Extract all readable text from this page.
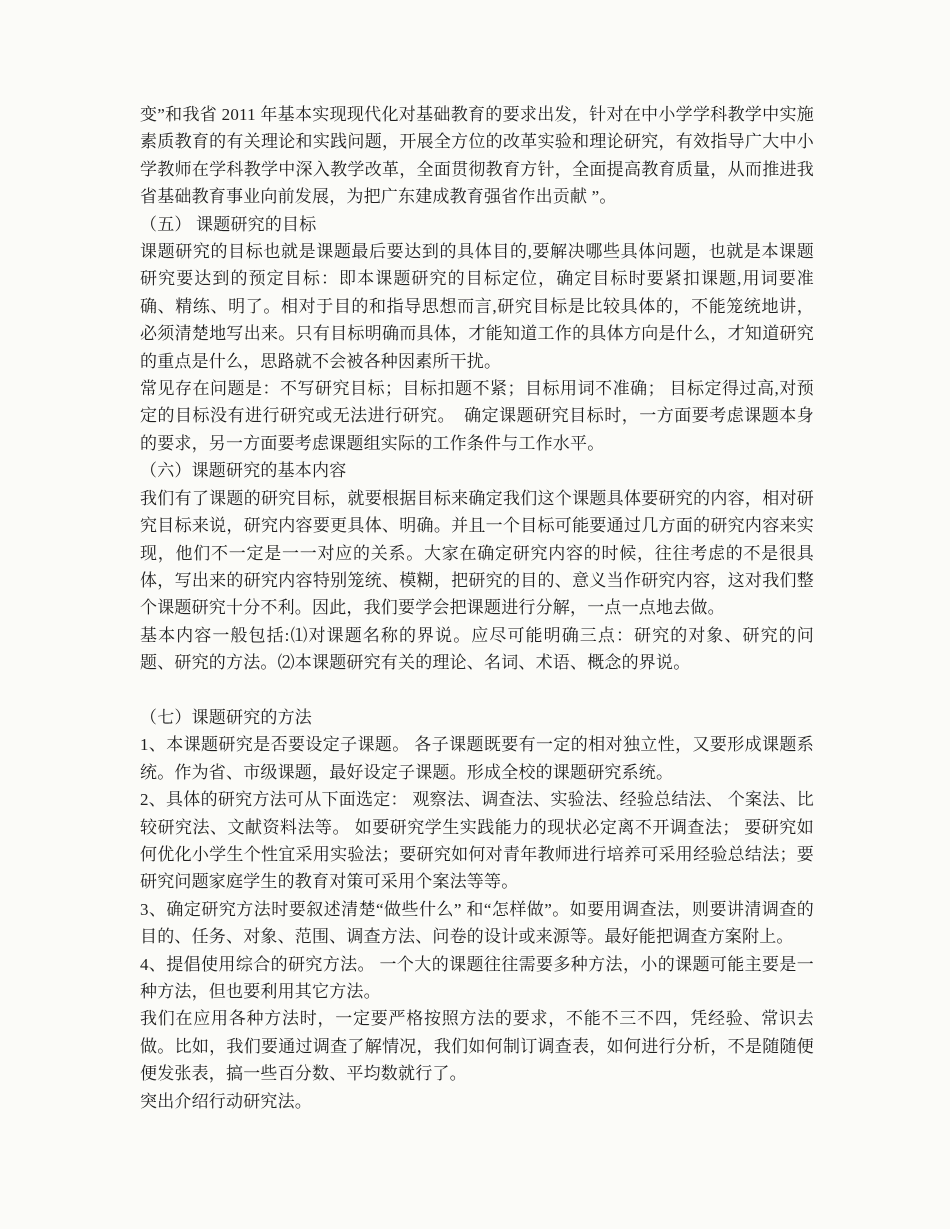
变”和我省 2011 年基本实现现代化对基础教育的要求出发，针对在中小学学科教学中实施素质教育的有关理论和实践问题，开展全方位的改革实验和理论研究，有效指导广大中小学教师在学科教学中深入教学改革，全面贯彻教育方针，全面提高教育质量，从而推进我省基础教育事业向前发展，为把广东建成教育强省作出贡献 ”。

（五） 课题研究的目标

课题研究的目标也就是课题最后要达到的具体目的,要解决哪些具体问题，也就是本课题研究要达到的预定目标：即本课题研究的目标定位，确定目标时要紧扣课题,用词要准确、精练、明了。相对于目的和指导思想而言,研究目标是比较具体的，不能笼统地讲，必须清楚地写出来。只有目标明确而具体，才能知道工作的具体方向是什么，才知道研究的重点是什么，思路就不会被各种因素所干扰。

常见存在问题是：不写研究目标；目标扣题不紧；目标用词不准确； 目标定得过高,对预定的目标没有进行研究或无法进行研究。　确定课题研究目标时，一方面要考虑课题本身的要求，另一方面要考虑课题组实际的工作条件与工作水平。

（六）课题研究的基本内容

我们有了课题的研究目标，就要根据目标来确定我们这个课题具体要研究的内容，相对研究目标来说，研究内容要更具体、明确。并且一个目标可能要通过几方面的研究内容来实现，他们不一定是一一对应的关系。大家在确定研究内容的时候，往往考虑的不是很具体，写出来的研究内容特别笼统、模糊，把研究的目的、意义当作研究内容，这对我们整个课题研究十分不利。因此，我们要学会把课题进行分解，一点一点地去做。

基本内容一般包括:⑴对课题名称的界说。应尽可能明确三点：研究的对象、研究的问题、研究的方法。⑵本课题研究有关的理论、名词、术语、概念的界说。

（七）课题研究的方法

1、本课题研究是否要设定子课题。 各子课题既要有一定的相对独立性，又要形成课题系统。作为省、市级课题，最好设定子课题。形成全校的课题研究系统。

2、具体的研究方法可从下面选定： 观察法、调查法、实验法、经验总结法、 个案法、比较研究法、文献资料法等。 如要研究学生实践能力的现状必定离不开调查法； 要研究如何优化小学生个性宜采用实验法；要研究如何对青年教师进行培养可采用经验总结法；要研究问题家庭学生的教育对策可采用个案法等等。

3、确定研究方法时要叙述清楚“做些什么” 和“怎样做”。如要用调查法，则要讲清调查的目的、任务、对象、范围、调查方法、问卷的设计或来源等。最好能把调查方案附上。

4、提倡使用综合的研究方法。 一个大的课题往往需要多种方法，小的课题可能主要是一种方法，但也要利用其它方法。

我们在应用各种方法时，一定要严格按照方法的要求，不能不三不四，凭经验、常识去做。比如，我们要通过调查了解情况，我们如何制订调查表，如何进行分析，不是随随便便发张表，搞一些百分数、平均数就行了。

突出介绍行动研究法。
